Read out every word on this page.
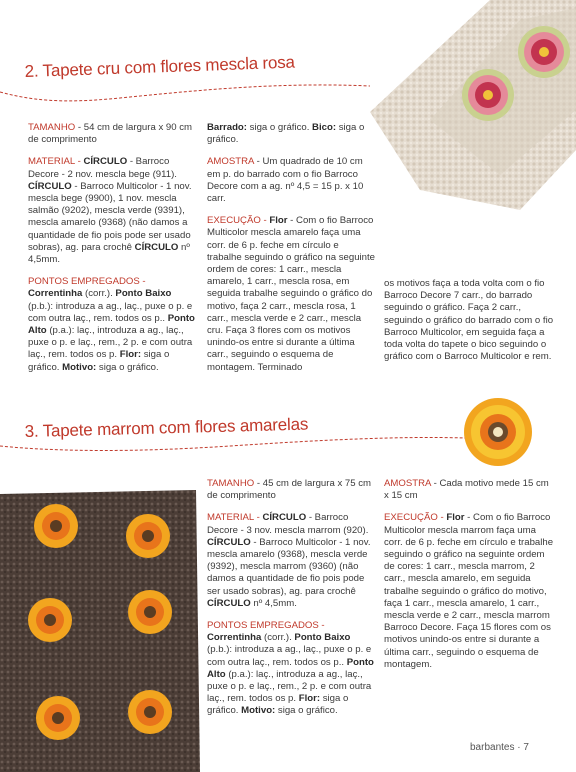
2. Tapete cru com flores mescla rosa

TAMANHO - 54 cm de largura x 90 cm de comprimento

MATERIAL - CÍRCULO - Barroco Decore - 2 nov. mescla bege (911). CÍRCULO - Barroco Multicolor - 1 nov. mescla bege (9900), 1 nov. mescla salmão (9202), mescla verde (9391), mescla amarelo (9368) (não damos a quantidade de fio pois pode ser usado sobras), ag. para crochê CÍRCULO nº 4,5mm.

PONTOS EMPREGADOS -
Correntinha (corr.). Ponto Baixo (p.b.): introduza a ag., laç., puxe o p. e com outra laç., rem. todos os p.. Ponto Alto (p.a.): laç., introduza a ag., laç., puxe o p. e laç., rem., 2 p. e com outra laç., rem. todos os p. Flor: siga o gráfico. Motivo: siga o gráfico.

Barrado: siga o gráfico. Bico: siga o gráfico.

AMOSTRA - Um quadrado de 10 cm em p. do barrado com o fio Barroco Decore com a ag. nº 4,5 = 15 p. x 10 carr.

EXECUÇÃO - Flor - Com o fio Barroco Multicolor mescla amarelo faça uma corr. de 6 p. feche em círculo e trabalhe seguindo o gráfico na seguinte ordem de cores: 1 carr., mescla amarelo, 1 carr., mescla rosa, em seguida trabalhe seguindo o gráfico do motivo, faça 2 carr., mescla rosa, 1 carr., mescla verde e 2 carr., mescla cru. Faça 3 flores com os motivos unindo-os entre si durante a última carr., seguindo o esquema de montagem. Terminado

os motivos faça a toda volta com o fio Barroco Decore 7 carr., do barrado seguindo o gráfico. Faça 2 carr., seguindo o gráfico do barrado com o fio Barroco Multicolor, em seguida faça a toda volta do tapete o bico seguindo o gráfico com o Barroco Multicolor e rem.

3. Tapete marrom com flores amarelas

TAMANHO - 45 cm de largura x 75 cm de comprimento

MATERIAL - CÍRCULO - Barroco Decore - 3 nov. mescla marrom (920). CÍRCULO - Barroco Multicolor - 1 nov. mescla amarelo (9368), mescla verde (9392), mescla marrom (9360) (não damos a quantidade de fio pois pode ser usado sobras), ag. para crochê CÍRCULO nº 4,5mm.

PONTOS EMPREGADOS -
Correntinha (corr.). Ponto Baixo (p.b.): introduza a ag., laç., puxe o p. e com outra laç., rem. todos os p.. Ponto Alto (p.a.): laç., introduza a ag., laç., puxe o p. e laç., rem., 2 p. e com outra laç., rem. todos os p. Flor: siga o gráfico. Motivo: siga o gráfico.

AMOSTRA - Cada motivo mede 15 cm x 15 cm

EXECUÇÃO - Flor - Com o fio Barroco Multicolor mescla marrom faça uma corr. de 6 p. feche em círculo e trabalhe seguindo o gráfico na seguinte ordem de cores: 1 carr., mescla marrom, 2 carr., mescla amarelo, em seguida trabalhe seguindo o gráfico do motivo, faça 1 carr., mescla amarelo, 1 carr., mescla verde e 2 carr., mescla marrom Barroco Decore. Faça 15 flores com os motivos unindo-os entre si durante a última carr., seguindo o esquema de montagem.

barbantes · 7
